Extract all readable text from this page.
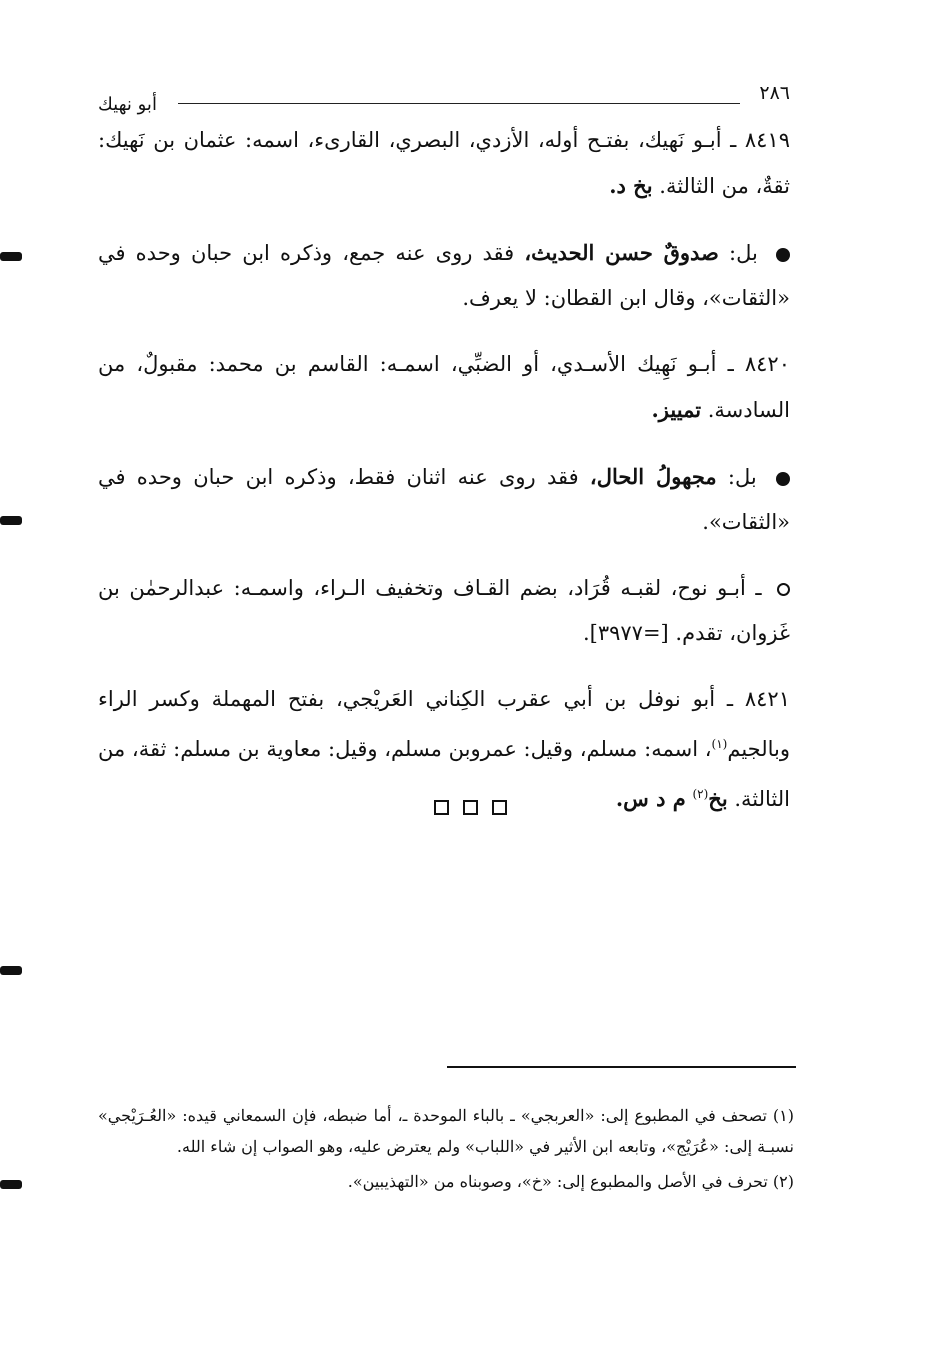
٢٨٦
أبو نهيك

٨٤١٩ ـ أبـو نَهيك، بفتـح أوله، الأزدي، البصري، القارىء، اسمه: عثمان بن نَهيك: ثقةٌ، من الثالثة. بخ د.

بل: صدوقٌ حسن الحديث، فقد روى عنه جمع، وذكره ابن حبان وحده في «الثقات»، وقال ابن القطان: لا يعرف.

٨٤٢٠ ـ أبـو نَهِيك الأسـدي، أو الضبِّي، اسمـه: القاسم بن محمد: مقبولٌ، من السادسة. تمييز.

بل: مجهولُ الحال، فقد روى عنه اثنان فقط، وذكره ابن حبان وحده في «الثقات».

ـ أبـو نوح، لقبـه قُرَاد، بضم القـاف وتخفيف الـراء، واسمـه: عبدالرحمٰن بن غَزوان، تقدم. [=٣٩٧٧].

٨٤٢١ ـ أبو نوفل بن أبي عقرب الكِناني العَريْجي، بفتح المهملة وكسر الراء وبالجيم$^{(١)}$، اسمه: مسلم، وقيل: عمروبن مسلم، وقيل: معاوية بن مسلم: ثقة، من الثالثة. بخ$^{(٢)}$ م د س.

(١) تصحف في المطبوع إلى: «العربجي» ـ بالباء الموحدة ـ، أما ضبطه، فإن السمعاني قيده: «العُـرَيْجي» نسبـة إلى: «عُرَيْج»، وتابعه ابن الأثير في «اللباب» ولم يعترض عليه، وهو الصواب إن شاء الله.

(٢) تحرف في الأصل والمطبوع إلى: «خ»، وصوبناه من «التهذيبين».
